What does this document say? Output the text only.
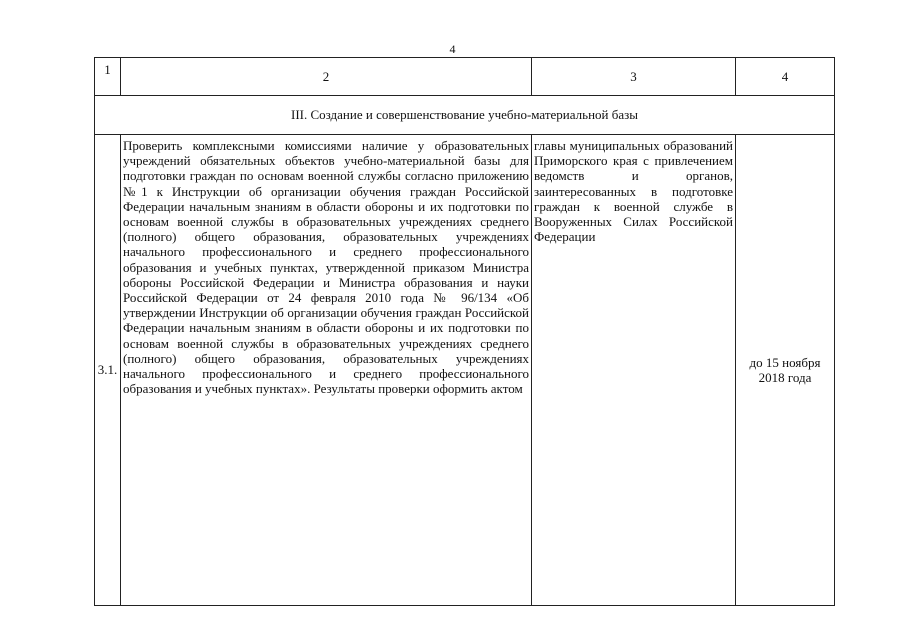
4
1	2	3	4
III. Создание и совершенствование учебно-материальной базы			
3.1.	Проверить комплексными комиссиями наличие у образовательных учреждений обязательных объектов учебно-материальной базы для подготовки граждан по основам военной службы согласно приложению №1 к Инструкции об организации обучения граждан Российской Федерации начальным знаниям в области обороны и их подготовки по основам военной службы в образовательных учреждениях среднего (полного) общего образования, образовательных учреждениях начального профессионального и среднего профессионального образования и учебных пунктах, утвержденной приказом Министра обороны Российской Федерации и Министра образования и науки Российской Федерации от 24 февраля 2010 года № 96/134 «Об утверждении Инструкции об организации обучения граждан Российской Федерации начальным знаниям в области обороны и их подготовки по основам военной службы в образовательных учреждениях среднего (полного) общего образования, образовательных учреждениях начального профессионального и среднего профессионального образования и учебных пунктах». Результаты проверки оформить актом	главы муниципальных образований Приморского края с привлечением ведомств и органов, заинтересованных в подготовке граждан к военной службе в Вооруженных Силах Российской Федерации	до 15 ноября 2018 года
